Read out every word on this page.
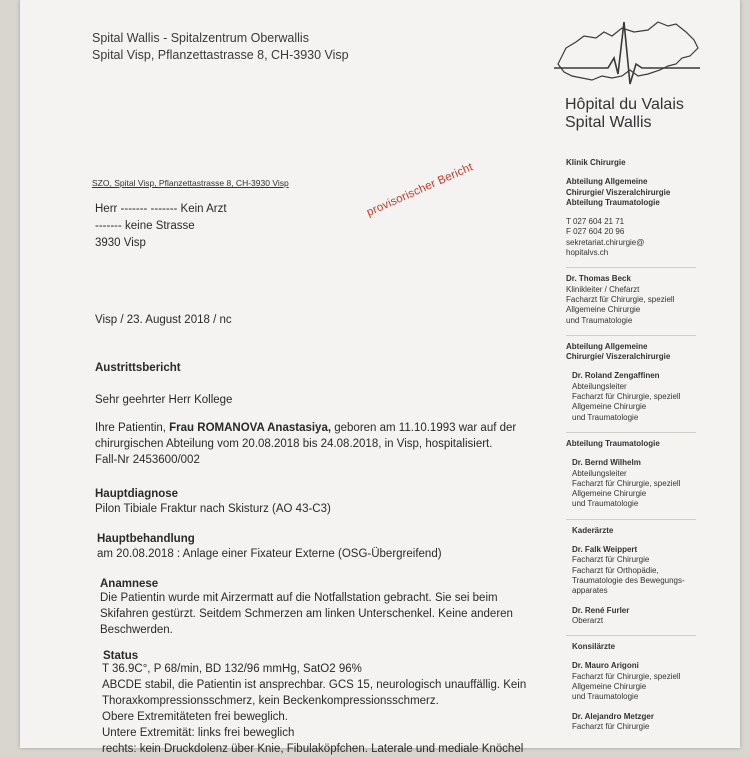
Spital Wallis - Spitalzentrum Oberwallis
Spital Visp, Pflanzettastrasse 8, CH-3930 Visp
Hôpital du Valais
Spital Wallis
SZO, Spital Visp, Pflanzettastrasse 8, CH-3930 Visp
Herr ------- ------- Kein Arzt
------- keine Strasse
3930 Visp
provisorischer Bericht
Visp / 23. August 2018 / nc
Austrittsbericht
Sehr geehrter Herr Kollege
Ihre Patientin, Frau ROMANOVA Anastasiya, geboren am 11.10.1993 war auf der
chirurgischen Abteilung vom 20.08.2018 bis 24.08.2018, in Visp, hospitalisiert.
Fall-Nr 2453600/002
Hauptdiagnose
Pilon Tibiale Fraktur nach Skisturz (AO 43-C3)
Hauptbehandlung
am 20.08.2018 : Anlage einer Fixateur Externe (OSG-Übergreifend)
Anamnese
Die Patientin wurde mit Airzermatt auf die Notfallstation gebracht. Sie sei beim
Skifahren gestürzt. Seitdem Schmerzen am linken Unterschenkel. Keine anderen
Beschwerden.
Status
T 36.9C°, P 68/min, BD 132/96 mmHg, SatO2 96%
ABCDE stabil, die Patientin ist ansprechbar. GCS 15, neurologisch unauffällig. Kein
Thoraxkompressionsschmerz, kein Beckenkompressionsschmerz.
Obere Extremitäteten frei beweglich.
Untere Extremität: links frei beweglich
rechts: kein Druckdolenz über Knie, Fibulaköpfchen. Laterale und mediale Knöchel
Klinik Chirurgie
Abteilung Allgemeine
Chirurgie/ Viszeralchirurgie
Abteilung Traumatologie
T 027 604 21 71
F 027 604 20 96
sekretariat.chirurgie@
hopitalvs.ch
Dr. Thomas Beck
Klinikleiter / Chefarzt
Facharzt für Chirurgie, speziell
Allgemeine Chirurgie
und Traumatologie
Abteilung Allgemeine
Chirurgie/ Viszeralchirurgie
Dr. Roland Zengaffinen
Abteilungsleiter
Facharzt für Chirurgie, speziell
Allgemeine Chirurgie
und Traumatologie
Abteilung Traumatologie
Dr. Bernd Wilhelm
Abteilungsleiter
Facharzt für Chirurgie, speziell
Allgemeine Chirurgie
und Traumatologie
Kaderärzte
Dr. Falk Weippert
Facharzt für Chirurgie
Facharzt für Orthopädie,
Traumatologie des Bewegungs-
apparates
Dr. René Furler
Oberarzt
Konsilärzte
Dr. Mauro Arigoni
Facharzt für Chirurgie, speziell
Allgemeine Chirurgie
und Traumatologie
Dr. Alejandro Metzger
Facharzt für Chirurgie
